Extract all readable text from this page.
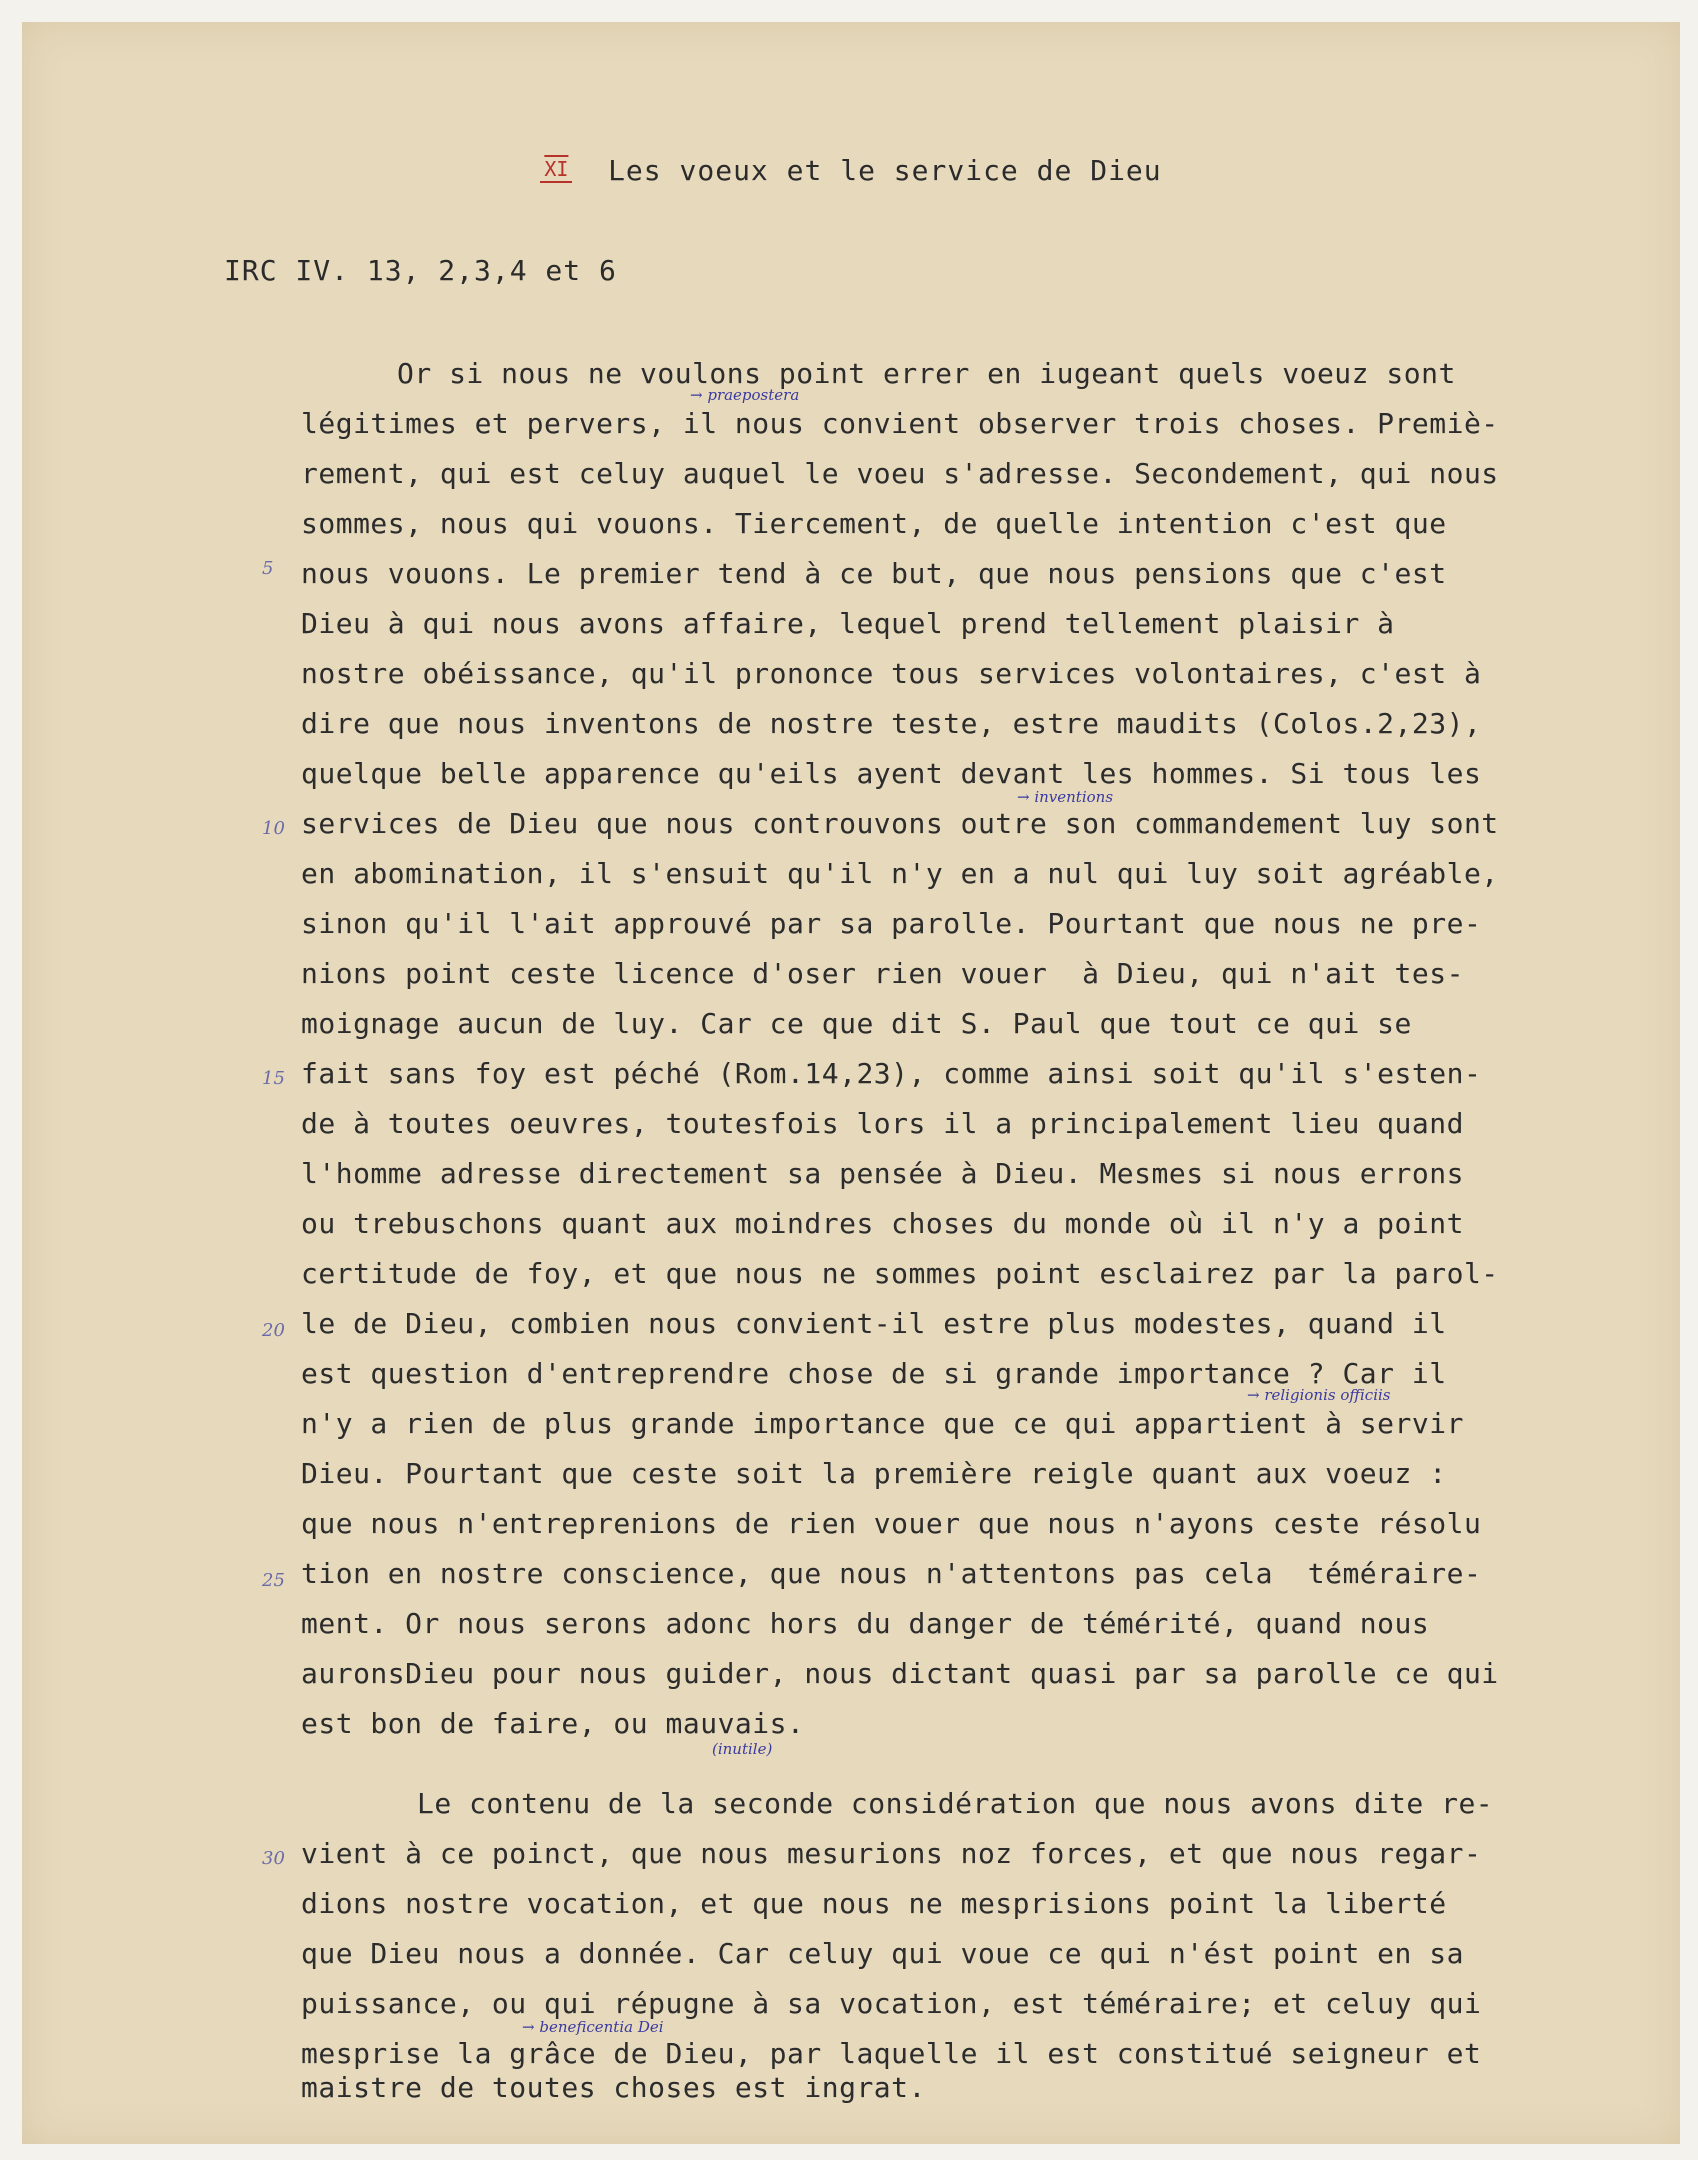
$\overline{XI}$ Les voeux et le service de Dieu
IRC IV. 13, 2,3,4 et 6
Or si nous ne voulons point errer en iugeant quels voeuz sont
légitimes et pervers, il nous convient observer trois choses. Premiè-
rement, qui est celuy auquel le voeu s'adresse. Secondement, qui nous
sommes, nous qui vouons. Tiercement, de quelle intention c'est que
nous vouons. Le premier tend à ce but, que nous pensions que c'est
Dieu à qui nous avons affaire, lequel prend tellement plaisir à
nostre obéissance, qu'il prononce tous services volontaires, c'est à
dire que nous inventons de nostre teste, estre maudits (Colos.2,23),
quelque belle apparence qu'eils ayent devant les hommes. Si tous les
services de Dieu que nous controuvons outre son commandement luy sont
en abomination, il s'ensuit qu'il n'y en a nul qui luy soit agréable,
sinon qu'il l'ait approuvé par sa parolle. Pourtant que nous ne pre-
nions point ceste licence d'oser rien vouer  à Dieu, qui n'ait tes-
moignage aucun de luy. Car ce que dit S. Paul que tout ce qui se
fait sans foy est péché (Rom.14,23), comme ainsi soit qu'il s'esten-
de à toutes oeuvres, toutesfois lors il a principalement lieu quand
l'homme adresse directement sa pensée à Dieu. Mesmes si nous errons
ou trebuschons quant aux moindres choses du monde où il n'y a point
certitude de foy, et que nous ne sommes point esclairez par la parol-
le de Dieu, combien nous convient-il estre plus modestes, quand il
est question d'entreprendre chose de si grande importance ? Car il
n'y a rien de plus grande importance que ce qui appartient à servir
Dieu. Pourtant que ceste soit la première reigle quant aux voeuz :
que nous n'entreprenions de rien vouer que nous n'ayons ceste résolu
tion en nostre conscience, que nous n'attentons pas cela  téméraire-
ment. Or nous serons adonc hors du danger de témérité, quand nous
auronsDieu pour nous guider, nous dictant quasi par sa parolle ce qui
est bon de faire, ou mauvais.
Le contenu de la seconde considération que nous avons dite re-
vient à ce poinct, que nous mesurions noz forces, et que nous regar-
dions nostre vocation, et que nous ne mesprisions point la liberté
que Dieu nous a donnée. Car celuy qui voue ce qui n'ést point en sa
puissance, ou qui répugne à sa vocation, est téméraire; et celuy qui
mesprise la grâce de Dieu, par laquelle il est constitué seigneur et
maistre de toutes choses est ingrat.
5
10
15
20
25
30
→ praepostera
→ inventions
→ religionis officiis
(inutile)
→ beneficentia Dei
